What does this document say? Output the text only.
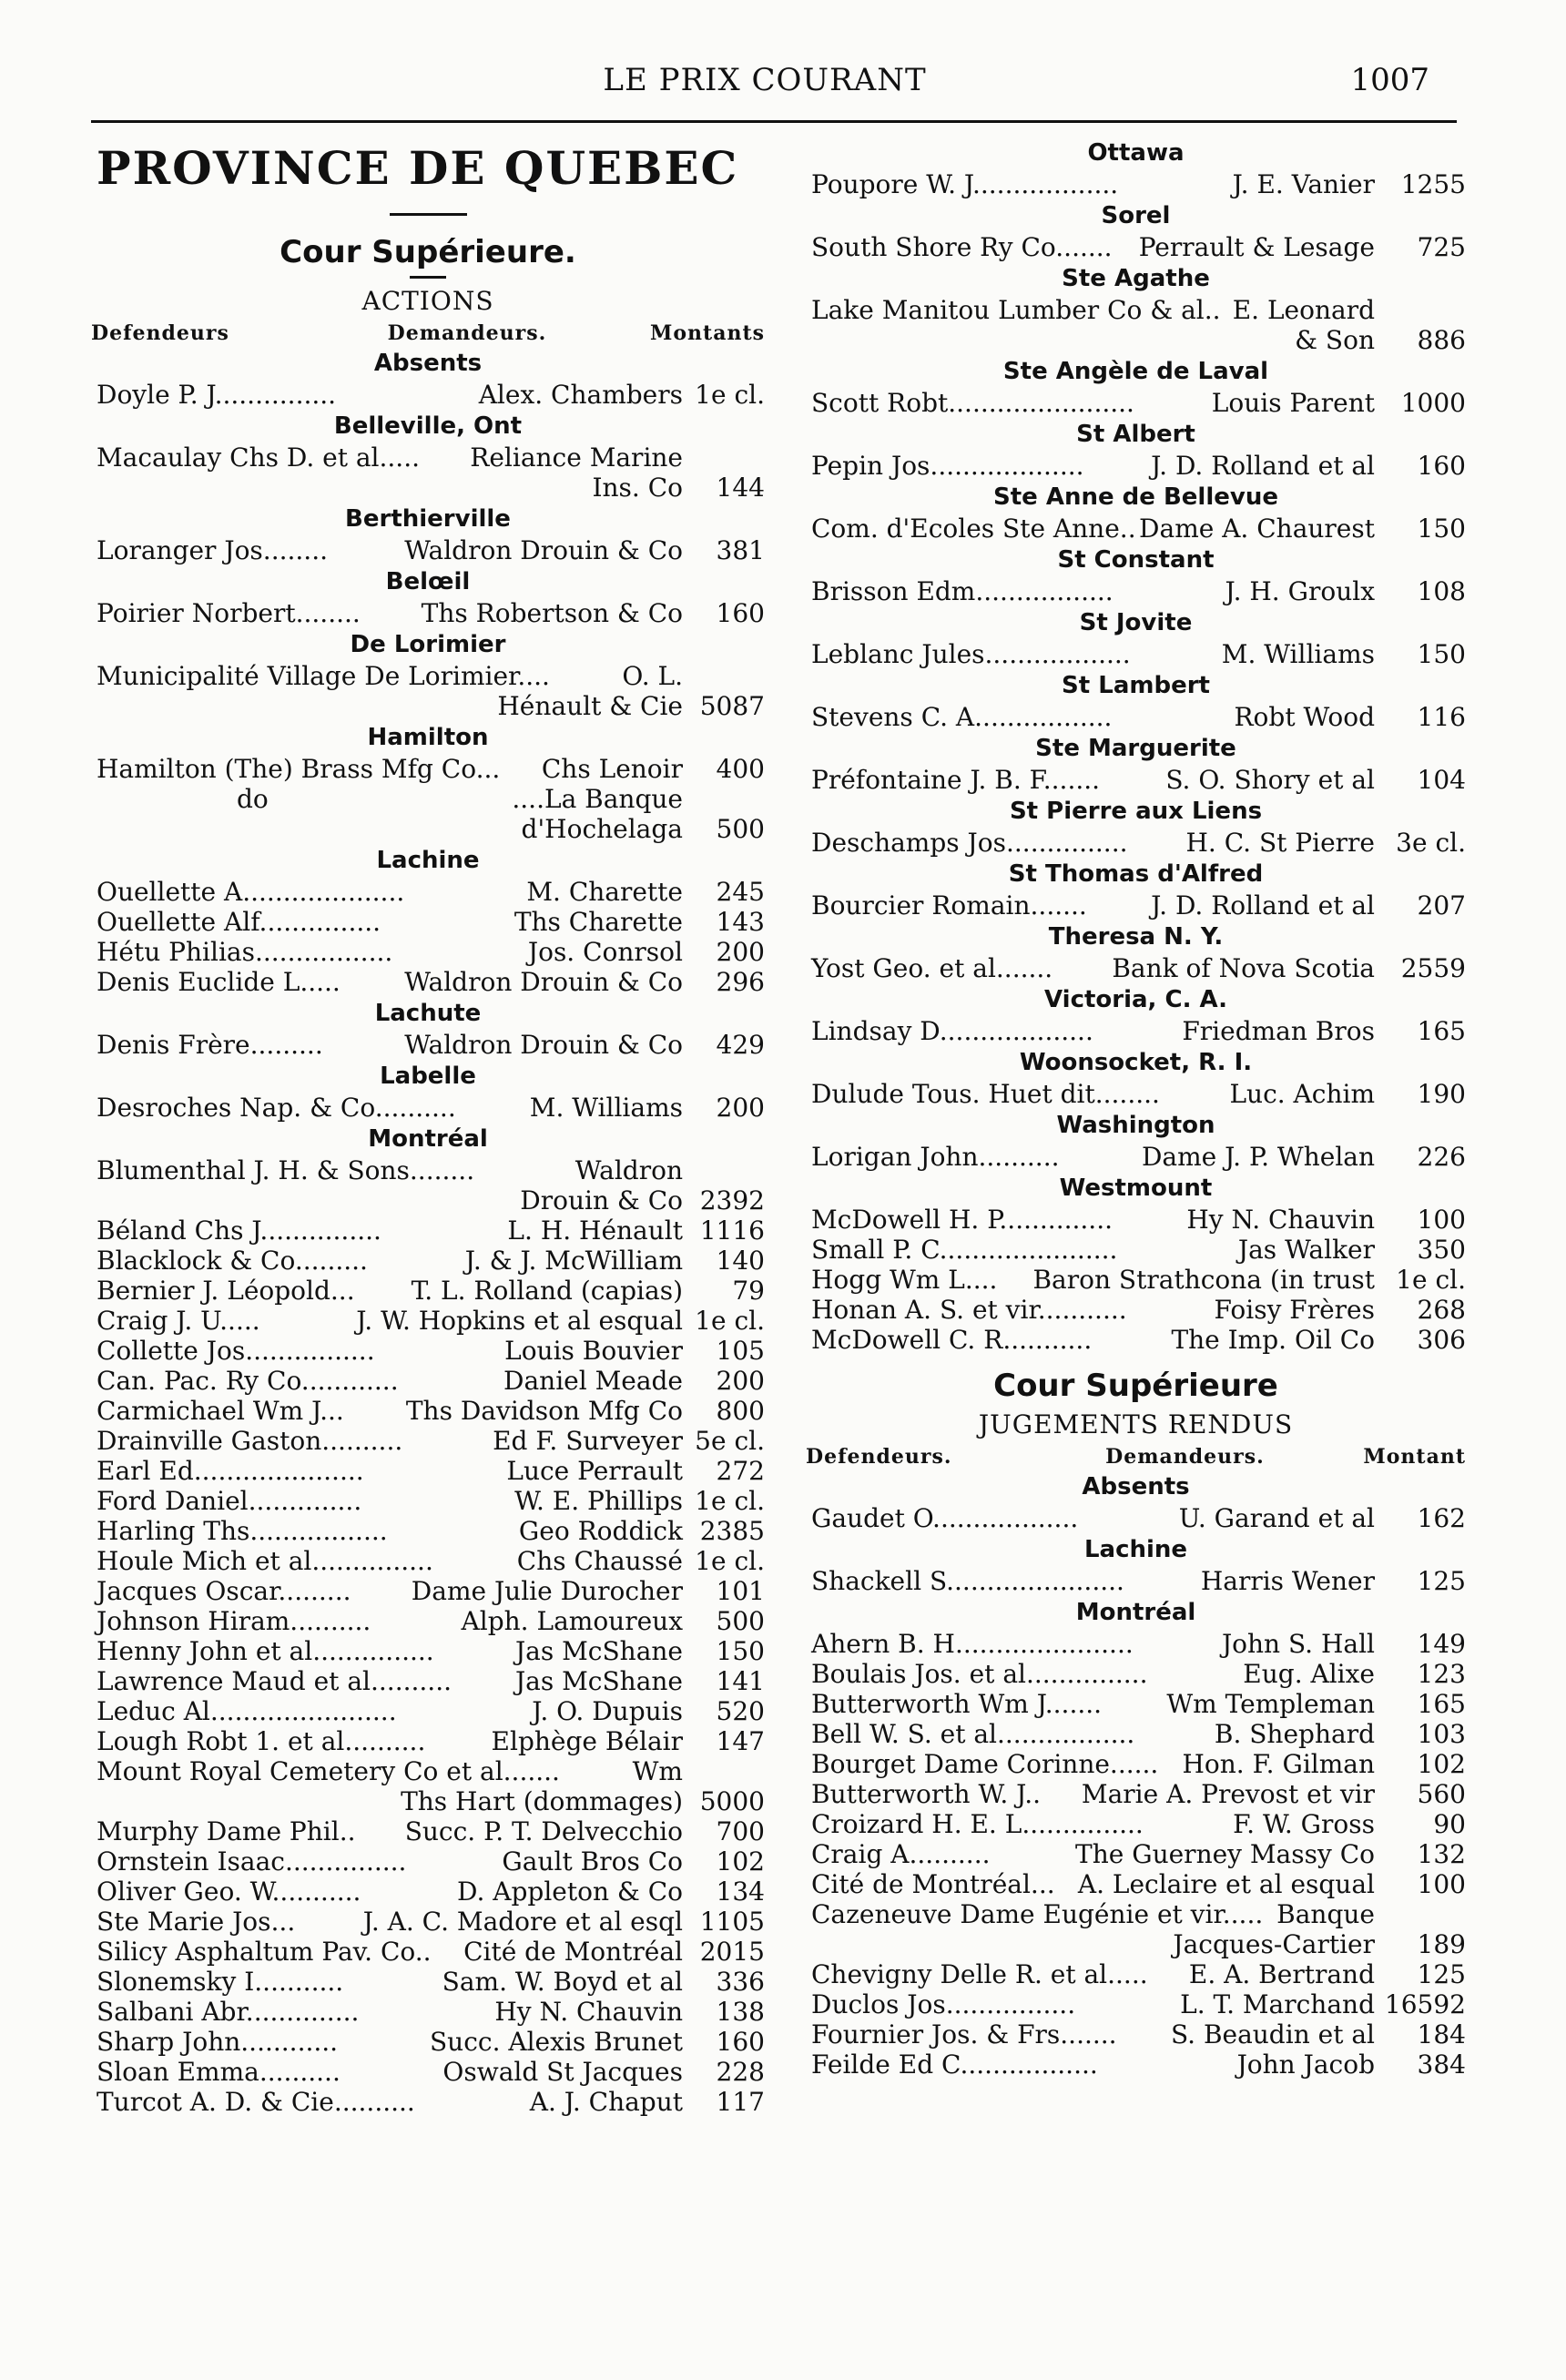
LE PRIX COURANT	1007
PROVINCE DE QUEBEC
Cour Supérieure.
ACTIONS
Defendeurs	Demandeurs.	Montants
Absents
Doyle P. J...............	Alex. Chambers 1e cl.
Belleville, Ont
Macaulay Chs D. et al..... Reliance Marine
Ins. Co	144
Berthierville
Loranger Jos........	Waldron Drouin & Co	381
Belœil
Poirier Norbert........ Ths Robertson & Co	160
De Lorimier
Municipalité Village De Lorimier....	O. L.
Hénault & Cie 5087
Hamilton
Hamilton (The) Brass Mfg Co... Chs Lenoir	400
do	....La Banque
d'Hochelaga	500
Lachine
Ouellette A....................	M. Charette	245
Ouellette Alf...............	Ths Charette	143
Hétu Philias.................	Jos. Conrsol	200
Denis Euclide L.....	Waldron Drouin & Co	296
Lachute
Denis Frère.........	Waldron Drouin & Co	429
Labelle
Desroches Nap. & Co..........	M. Williams	200
Montréal
Blumenthal J. H. & Sons........	Waldron
Drouin & Co 2392
Béland Chs J...............	L. H. Hénault 1116
Blacklock & Co.........	J. & J. McWilliam	140
Bernier J. Léopold... T. L. Rolland (capias)	79
Craig J. U.....	J. W. Hopkins et al esqual 1e cl.
Collette Jos................	Louis Bouvier	105
Can. Pac. Ry Co............	Daniel Meade	200
Carmichael Wm J... Ths Davidson Mfg Co	800
Drainville Gaston..........	Ed F. Surveyer 5e cl.
Earl Ed.....................	Luce Perrault	272
Ford Daniel..............	W. E. Phillips 1e cl.
Harling Ths.................	Geo Roddick 2385
Houle Mich et al...............	Chs Chaussé 1e cl.
Jacques Oscar......... Dame Julie Durocher	101
Johnson Hiram..........	Alph. Lamoureux	500
Henny John et al...............	Jas McShane	150
Lawrence Maud et al.......... Jas McShane	141
Leduc Al.......................	J. O. Dupuis	520
Lough Robt 1. et al..........	Elphège Bélair	147
Mount Royal Cemetery Co et al.......	Wm
Ths Hart (dommages) 5000
Murphy Dame Phil.. Succ. P. T. Delvecchio	700
Ornstein Isaac...............	Gault Bros Co	102
Oliver Geo. W...........	D. Appleton & Co	134
Ste Marie Jos...	J. A. C. Madore et al esql 1105
Silicy Asphaltum Pav. Co.. Cité de Montréal 2015
Slonemsky I...........	Sam. W. Boyd et al	336
Salbani Abr..............	Hy N. Chauvin	138
Sharp John............	Succ. Alexis Brunet	160
Sloan Emma..........	Oswald St Jacques	228
Turcot A. D. & Cie..........	A. J. Chaput	117
Ottawa
Poupore W. J..................	J. E. Vanier	1255
Sorel
South Shore Ry Co....... Perrault & Lesage	725
Ste Agathe
Lake Manitou Lumber Co & al.. E. Leonard
& Son	886
Ste Angèle de Laval
Scott Robt.......................	Louis Parent	1000
St Albert
Pepin Jos...................	J. D. Rolland et al	160
Ste Anne de Bellevue
Com. d'Ecoles Ste Anne.. Dame A. Chaurest	150
St Constant
Brisson Edm.................	J. H. Groulx	108
St Jovite
Leblanc Jules..................	M. Williams	150
St Lambert
Stevens C. A.................	Robt Wood	116
Ste Marguerite
Préfontaine J. B. F.......	S. O. Shory et al	104
St Pierre aux Liens
Deschamps Jos............... H. C. St Pierre 3e cl.
St Thomas d'Alfred
Bourcier Romain.......	J. D. Rolland et al	207
Theresa N. Y.
Yost Geo. et al....... Bank of Nova Scotia	2559
Victoria, C. A.
Lindsay D...................	Friedman Bros	165
Woonsocket, R. I.
Dulude Tous. Huet dit........	Luc. Achim	190
Washington
Lorigan John..........	Dame J. P. Whelan	226
Westmount
McDowell H. P..............	Hy N. Chauvin	100
Small P. C......................	Jas Walker	350
Hogg Wm L.... Baron Strathcona (in trust 1e cl.
Honan A. S. et vir...........	Foisy Frères	268
McDowell C. R...........	The Imp. Oil Co	306
Cour Supérieure
JUGEMENTS RENDUS
Defendeurs.	Demandeurs.	Montant
Absents
Gaudet O..................	U. Garand et al	162
Lachine
Shackell S......................	Harris Wener	125
Montréal
Ahern B. H......................	John S. Hall	149
Boulais Jos. et al...............	Eug. Alixe	123
Butterworth Wm J.......	Wm Templeman	165
Bell W. S. et al.................	B. Shephard	103
Bourget Dame Corinne...... Hon. F. Gilman	102
Butterworth W. J.. Marie A. Prevost et vir	560
Croizard H. E. L...............	F. W. Gross	90
Craig A..........	The Guerney Massy Co	132
Cité de Montréal... A. Leclaire et al esqual	100
Cazeneuve Dame Eugénie et vir..... Banque
Jacques-Cartier	189
Chevigny Delle R. et al..... E. A. Bertrand	125
Duclos Jos................	L. T. Marchand 16592
Fournier Jos. & Frs....... S. Beaudin et al	184
Feilde Ed C.................	John Jacob	384
